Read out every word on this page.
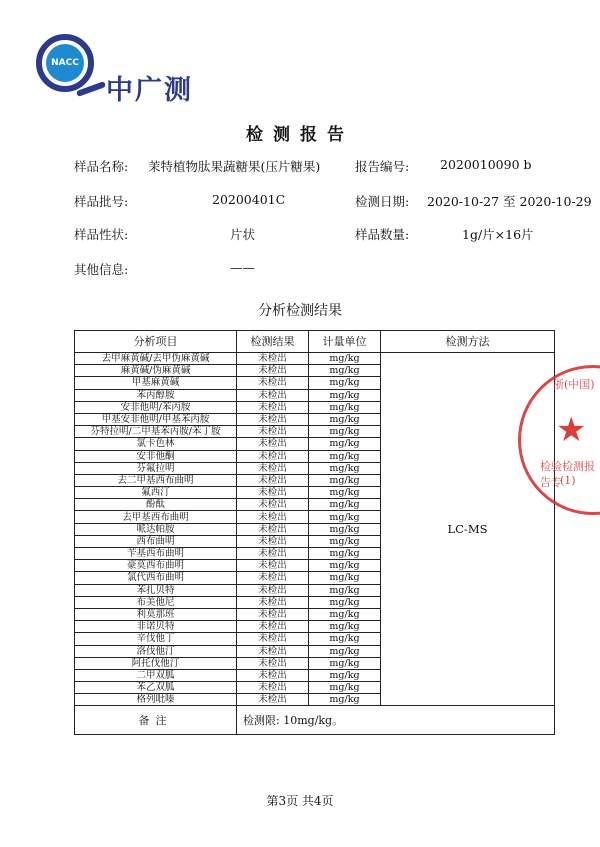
NACC
中广测
检测报告
样品名称: 茉特植物肽果蔬糖果(压片糖果)	报告编号: 2020010090 b
样品批号:	20200401C	检测日期: 2020-10-27 至 2020-10-29
样品性状:	片状	样品数量:	1g/片×16片
其他信息:	——
分析检测结果
分析项目	检测结果	计量单位	检测方法
去甲麻黄碱/去甲伪麻黄碱	未检出	mg/kg	LC-MS
麻黄碱/伪麻黄碱	未检出	mg/kg	
甲基麻黄碱	未检出	mg/kg	
苯丙醇胺	未检出	mg/kg	
安非他明/苯丙胺	未检出	mg/kg	
甲基安非他明/甲基苯丙胺	未检出	mg/kg	
芬特拉明/二甲基苯丙胺/苯丁胺	未检出	mg/kg	
氯卡色林	未检出	mg/kg	
安非他酮	未检出	mg/kg	
芬氟拉明	未检出	mg/kg	
去二甲基西布曲明	未检出	mg/kg	
氟西汀	未检出	mg/kg	
酚酞	未检出	mg/kg	
去甲基西布曲明	未检出	mg/kg	
哌达帕胺	未检出	mg/kg	
西布曲明	未检出	mg/kg	
苄基西布曲明	未检出	mg/kg	
豪莫西布曲明	未检出	mg/kg	
氯代西布曲明	未检出	mg/kg	
苯扎贝特	未检出	mg/kg	
布美他尼	未检出	mg/kg	
利莫那班	未检出	mg/kg	
非诺贝特	未检出	mg/kg	
辛伐他丁	未检出	mg/kg	
洛伐他汀	未检出	mg/kg	
阿托伐他汀	未检出	mg/kg	
二甲双胍	未检出	mg/kg	
苯乙双胍	未检出	mg/kg	
格列吡嗪	未检出	mg/kg	
备注	检测限: 10mg/kg。		
浙(中国)
★
检验检测报告专
(1)
第3页 共4页
